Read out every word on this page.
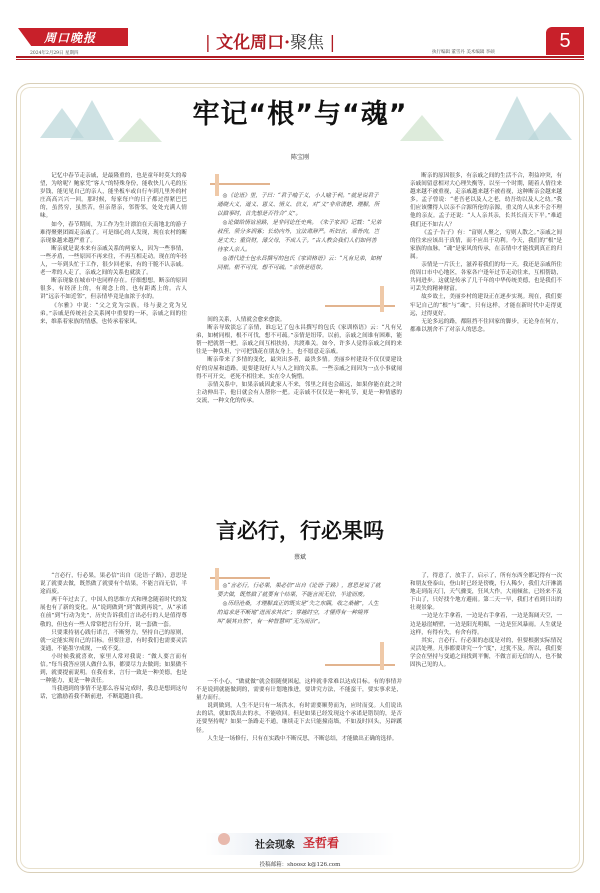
周口晚报
2024年2月29日 星期四
| 文化周口·聚焦 |	执行编辑 董雪丹 美术编辑 李硕
5
牢记“根”与“魂”
陈宝刚

记忆中春节走亲戚，是最隆重的，也是童年时莫大的希望，为啥呢？鲍家凭“客人”的特殊身份，能收快儿八毛的压岁钱，能见见自己的亲人，能坐板车或自行车到几里外的村庄高高兴兴一回。那时候，每家每户的日子都过得紧巴巴的，虽然穷，虽然苦，但亲帮亲，邻帮邻，处处充满人情味。

如今，春节期间，为工作为生计漂泊在天南地北的游子难得聚聚团圆走亲戚了。可是细心的人发现，现在农村的断亲现象越来越严重了。

断亲就是说本来有亲戚关系的两家人，因为一些事情，一些矛盾，一些原因不再来往，不再互相走动。现在的年轻人，一年到头忙于工作，很少回老家，有的干脆不认亲戚。老一辈的人走了，亲戚之间的关系也就淡了。

断亲现象在城市中也同样存在。仔细想想，断亲的原因很多，有经济上的，有观念上的，也有距离上的。古人讲“远亲不如近邻”，但亲情毕竟是血浓于水的。

《尔雅》中说：“父之党为宗族，母与妻之党为兄弟。”亲戚是传统社会关系网中重要的一环，亲戚之间的往来，维系着家族的情感，也传承着家风。

◎《论语》里，子曰：“君子喻于义，小人喻于利。”就是说君子通晓大义，道义、恩义、情义、信义，对“义”非常清楚、理解，所以做事时，首先想是否符合“义”。

◎论做给情谊世路，是非同论任史典。《朱子家训》记载：“兄弟叔侄，须分多润寡；长幼内外，宜法肃辞严。听妇言，乖骨肉，岂是丈夫；重资财，薄父母，不成人子。”古人教会我们人们如何善待家人亲人。

◎清代进士包永昌撰写的包氏《家训格语》云：“凡有兄弟，如树同根。根不可伐，想不可疏。”亲情是纽带。

间的关系，人情就会愈来愈淡。

断亲导致淡忘了亲情，谁忘记了包永昌撰写的包氏《家训格语》云：“凡有兄弟，如树同根，根不可伐，想不可疏。”亲情是纽带。以前，亲戚之间谁有困难，能帮一把就帮一把，亲戚之间互相扶持，共渡难关。如今，许多人觉得亲戚之间的来往是一种负担，宁可把钱花在朋友身上，也不愿意走亲戚。

断亲带来了多情的变化，最突出多者，最贵多情。美丽乡村建设不仅仅要建设好的房屋和道路，更要建设好人与人之间的关系。一些亲戚之间因为一点小事就闹得不可开交，老死不相往来，实在令人惋惜。

亲情关系中，如果亲戚因此家人不来，邻里之间也会疏远，如果你能在此之时主动伸出手，他日就会有人帮你一把。走亲戚不仅仅是一种礼节，更是一种情感的交流，一种文化的传承。

断亲的原因很多，有亲戚之间的生活不合，利益冲突，有亲戚间留意相对大心理失衡等，以至一个时期，随着人情往来越来越不被重视，走亲戚越来越不被看视，这种断亲会越来越多。孟子曾说：“老吾老以及人之老，幼吾幼以及人之幼。”我们应该懂得人以亲不合源所伦的亲源，重义的人从来不会不理他的亲友。孟子还说：“人人亲其亲，长其长而天下平。”难道我们还不如古人？

《孟子·告子》有：“富则人聚之，穷则人散之。”亲戚之间的往来应该出于真情，而不应出于功利。今天，我们的“根”是家族的血脉，“魂”是家风的传承，在亲情中才能找到真正的归属。

亲情是一片沃土，滋养着我们的每一天。我还是亲戚所住的周口市中心地区，各家各户逢年过节走动往来，互相帮助，共同进步。这就是传承了几千年的中华传统美德，也是我们不可丢失的精神财富。

故乡故土，美丽乡村的建设正在逐步实现。现在，我们要牢记自己的“根”与“魂”，只有这样，才能在新时代中走得更远，过得更好。

无论多远的路，都阻挡不住回家的脚步，无论身在何方，都难以割舍不了对亲人的思念。

言必行，行必果吗
蔡斌

“言必行，行必果，果必信”出自《论语·子路》，意思是说了就要去做，既然做了就要有个结果，不能言而无信，半途而废。

两千年过去了，中国人的思维方式和理念随着时代的发展也有了新的变化。从“说到做到”到“做到再说”，从“承诺在前”到“行动为先”，历史告诉我们言出必行的人是值得尊敬的，但也有一些人常常把言行分开，说一套做一套。

只要秉持初心践行诺言，不断努力，坚持自己的原则，就一定能实现自己的目标。但要注意，有时我们也需要灵活变通，不能墨守成规，一成不变。

小时候我就喜欢，家里人常对我说：“做人要言而有信。”每当我答应别人做什么事，都要尽力去做到；如果做不到，就要提前说明。在我看来，言行一致是一种美德，也是一种能力，更是一种责任。

当我遇到的事情不是那么容易完成时，我总是想到这句话，它激励着我不断前进，不断超越自我。

◎“言必行，行必果，果必信”出自《论语·子路》，意思是说了就要去做，既然做了就要有个结果，不能言而无信，半途而废。

◎历经沧桑，才理解真正的既实是“失之东隅，收之桑榆”，人生的追求是不断地“进而求其次”；穿越时空，才懂得有一种境界叫“顺其自然”，有一种智慧叫“无为而治”。

一不小心，“做就做”就会很随便困起，这样就非常难以达成目标。有的事情并不是说到就能做到的，需要有计划地推进，要讲究方法，不能蛮干，要实事求是，量力而行。

说到做到，人生不是只有一场洪水，有时需要顺势而为，应时而变。人们说出去的话，就如泼出去的水，不能收回。但是如果已经发现这个承诺是错误的，是否还要坚持呢？如果一条路走不通，继续走下去只能撞南墙，不如及时回头，另辟蹊径。

人生是一场修行，只有在实践中不断反思，不断总结，才能做出正确的选择。

了，得意了，放手了，启示了，所有东西全都记得有一次和朋友登泰山，登山时已经是傍晚，行人稀少，我们大汗淋漓地走到南天门，天气骤变，狂风大作，大雨倾盆，已经来不及下山了，只好找个地方避雨。第二天一早，我们才看到日出的壮观景象。

一边是左手拿着，一边是右手拿着，一边是海阔天空，一边是悬崖峭壁，一边是阳光明媚，一边是狂风暴雨。人生就是这样，有得有失，有舍有得。

其实，言必行、行必果的态度是对的，但要根据实际情况灵活处理。凡事都要讲究一个“度”，过犹不及。所以，我们要学会在坚持与变通之间找到平衡，不做言而无信的人，也不做固执己见的人。

社会现象 圣哲看
投稿邮箱：shoosz k@126.com
